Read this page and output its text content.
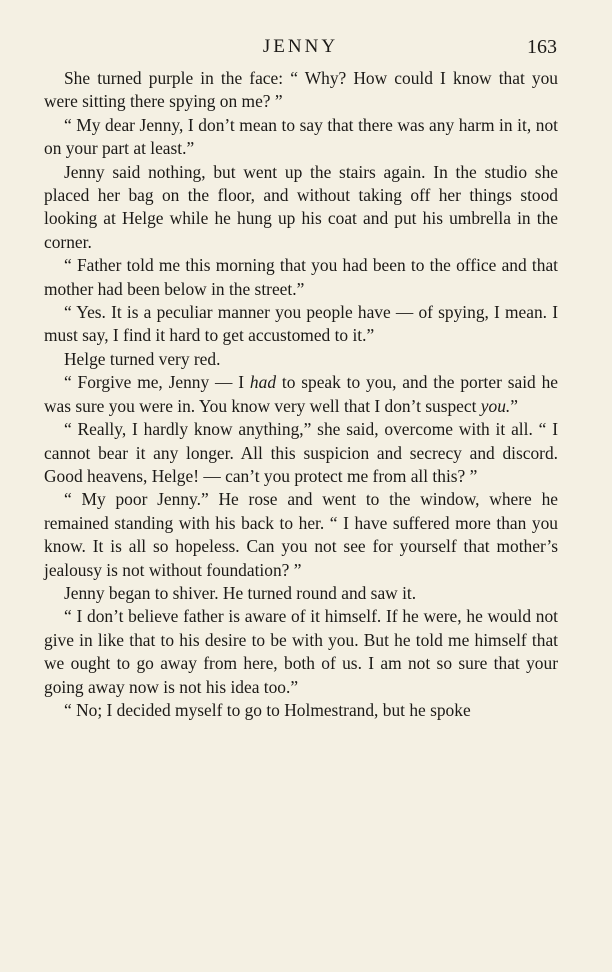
JENNY	163

She turned purple in the face: “ Why? How could I know that you were sitting there spying on me? ”

“ My dear Jenny, I don’t mean to say that there was any harm in it, not on your part at least.”

Jenny said nothing, but went up the stairs again. In the studio she placed her bag on the floor, and without taking off her things stood looking at Helge while he hung up his coat and put his umbrella in the corner.

“ Father told me this morning that you had been to the office and that mother had been below in the street.”

“ Yes. It is a peculiar manner you people have — of spying, I mean. I must say, I find it hard to get accustomed to it.”

Helge turned very red.

“ Forgive me, Jenny — I had to speak to you, and the porter said he was sure you were in. You know very well that I don’t suspect you.”

“ Really, I hardly know anything,” she said, overcome with it all. “ I cannot bear it any longer. All this suspicion and secrecy and discord. Good heavens, Helge! — can’t you protect me from all this? ”

“ My poor Jenny.” He rose and went to the window, where he remained standing with his back to her. “ I have suffered more than you know. It is all so hopeless. Can you not see for yourself that mother’s jealousy is not without foundation? ”

Jenny began to shiver. He turned round and saw it.

“ I don’t believe father is aware of it himself. If he were, he would not give in like that to his desire to be with you. But he told me himself that we ought to go away from here, both of us. I am not so sure that your going away now is not his idea too.”

“ No; I decided myself to go to Holmestrand, but he spoke
